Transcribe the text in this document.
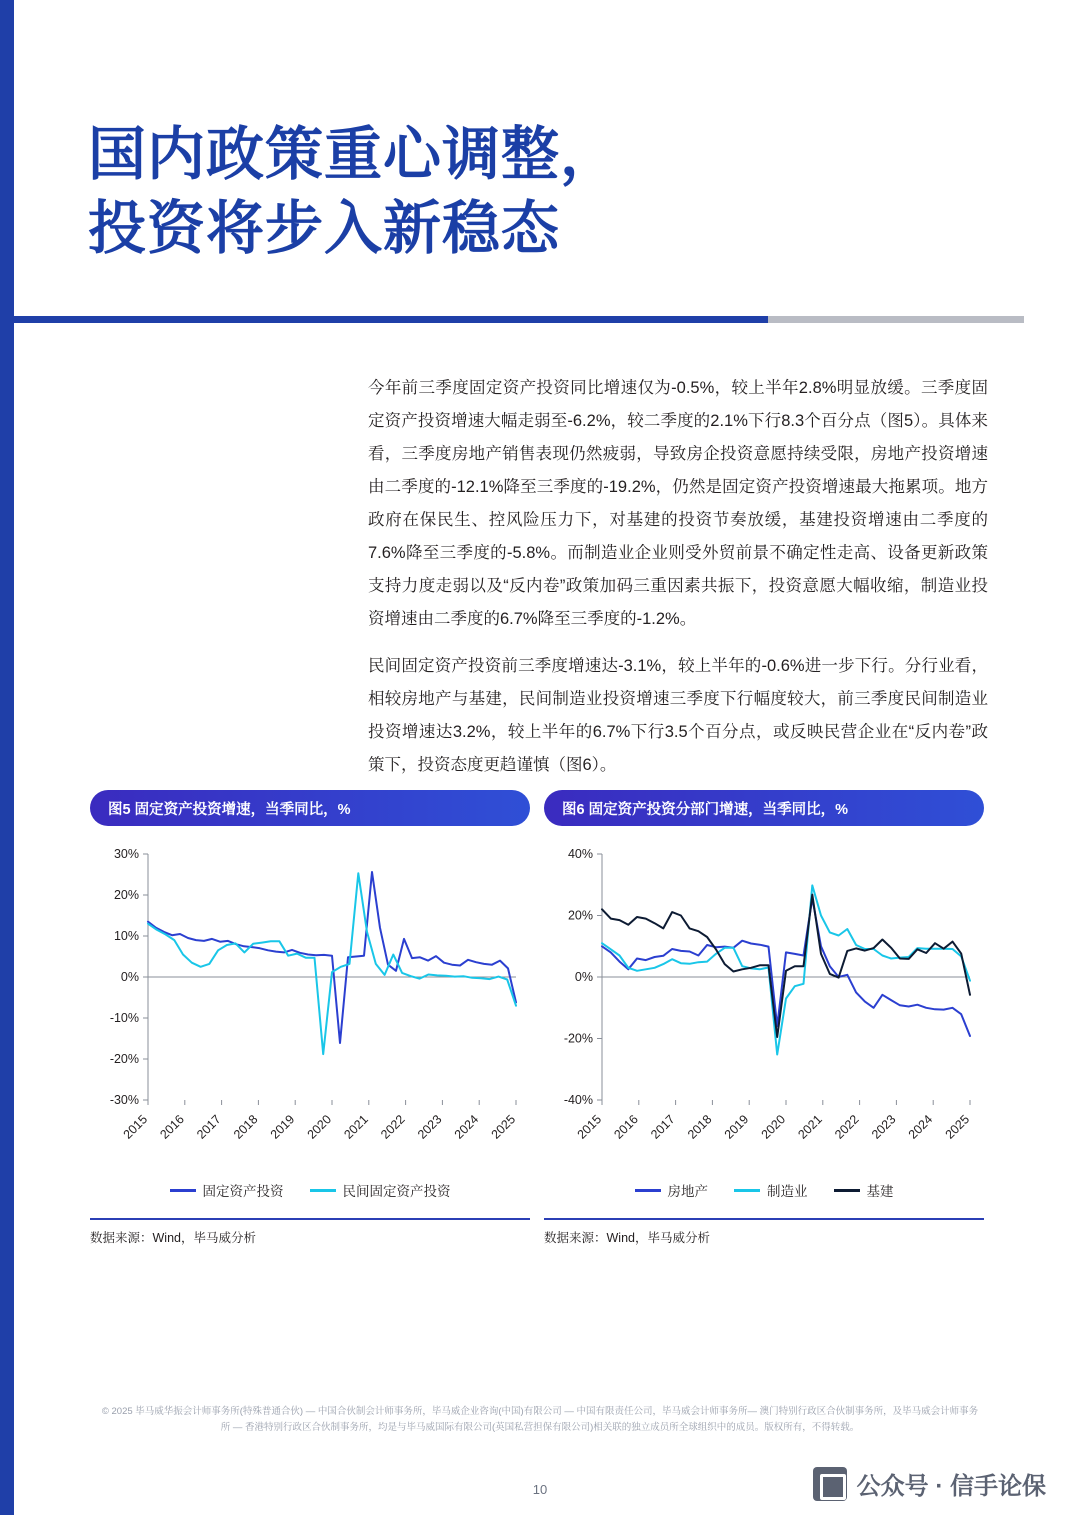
国内政策重心调整，
投资将步入新稳态

今年前三季度固定资产投资同比增速仅为-0.5%，较上半年2.8%明显放缓。三季度固定资产投资增速大幅走弱至-6.2%，较二季度的2.1%下行8.3个百分点（图5）。具体来看，三季度房地产销售表现仍然疲弱，导致房企投资意愿持续受限，房地产投资增速由二季度的-12.1%降至三季度的-19.2%，仍然是固定资产投资增速最大拖累项。地方政府在保民生、控风险压力下，对基建的投资节奏放缓，基建投资增速由二季度的7.6%降至三季度的-5.8%。而制造业企业则受外贸前景不确定性走高、设备更新政策支持力度走弱以及“反内卷”政策加码三重因素共振下，投资意愿大幅收缩，制造业投资增速由二季度的6.7%降至三季度的-1.2%。

民间固定资产投资前三季度增速达-3.1%，较上半年的-0.6%进一步下行。分行业看，相较房地产与基建，民间制造业投资增速三季度下行幅度较大，前三季度民间制造业投资增速达3.2%，较上半年的6.7%下行3.5个百分点，或反映民营企业在“反内卷”政策下，投资态度更趋谨慎（图6）。

图5 固定资产投资增速，当季同比，%
-30%
-20%
-10%
0%
10%
20%
30%
2015 2016 2017 2018 2019 2020 2021 2022 2023 2024 2025
固定资产投资	民间固定资产投资
数据来源：Wind，毕马威分析
图6 固定资产投资分部门增速，当季同比，%
-40%
-20%
0%
20%
40%
2015 2016 2017 2018 2019 2020 2021 2022 2023 2024 2025
房地产	制造业	基建
数据来源：Wind，毕马威分析
© 2025 毕马威华振会计师事务所(特殊普通合伙) — 中国合伙制会计师事务所，毕马威企业咨询(中国)有限公司 — 中国有限责任公司，毕马威会计师事务所— 澳门特别行政区合伙制事务所，及毕马威会计师事务所 — 香港特别行政区合伙制事务所，均是与毕马威国际有限公司(英国私营担保有限公司)相关联的独立成员所全球组织中的成员。版权所有，不得转载。
10	公众号 · 信手论保
